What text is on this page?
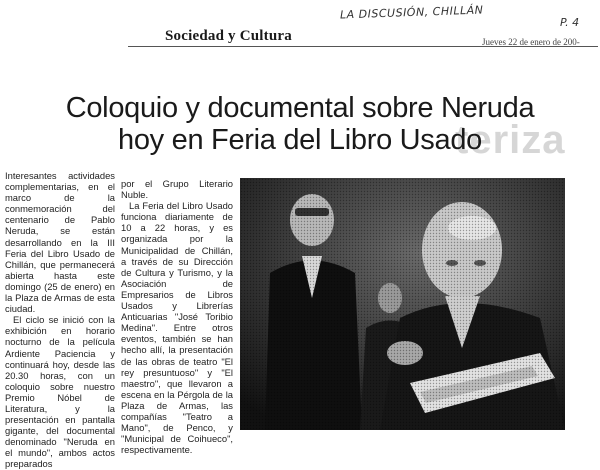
Sociedad y Cultura
LA DISCUSIÓN, CHILLÁN
P. 4
Jueves 22 de enero de 200-
teriza
Coloquio y documental sobre Neruda
hoy en Feria del Libro Usado

Interesantes actividades complementarias, en el marco de la conmemoración del centenario de Pablo Neruda, se están desarrollando en la III Feria del Libro Usado de Chillán, que permanecerá abierta hasta este domingo (25 de enero) en la Plaza de Armas de esta ciudad.

El ciclo se inició con la exhibición en horario nocturno de la película Ardiente Paciencia y continuará hoy, desde las 20.30 horas, con un coloquio sobre nuestro Premio Nóbel de Literatura, y la presentación en pantalla gigante, del documental denominado "Neruda en el mundo", ambos actos preparados

por el Grupo Literario Nuble.

La Feria del Libro Usado funciona diariamente de 10 a 22 horas, y es organizada por la Municipalidad de Chillán, a través de su Dirección de Cultura y Turismo, y la Asociación de Empresarios de Libros Usados y Librerías Anticuarias "José Toribio Medina". Entre otros eventos, también se han hecho allí, la presentación de las obras de teatro "El rey presuntuoso" y "El maestro", que llevaron a escena en la Pérgola de la Plaza de Armas, las compañías "Teatro a Mano", de Penco, y "Municipal de Coihueco", respectivamente.
